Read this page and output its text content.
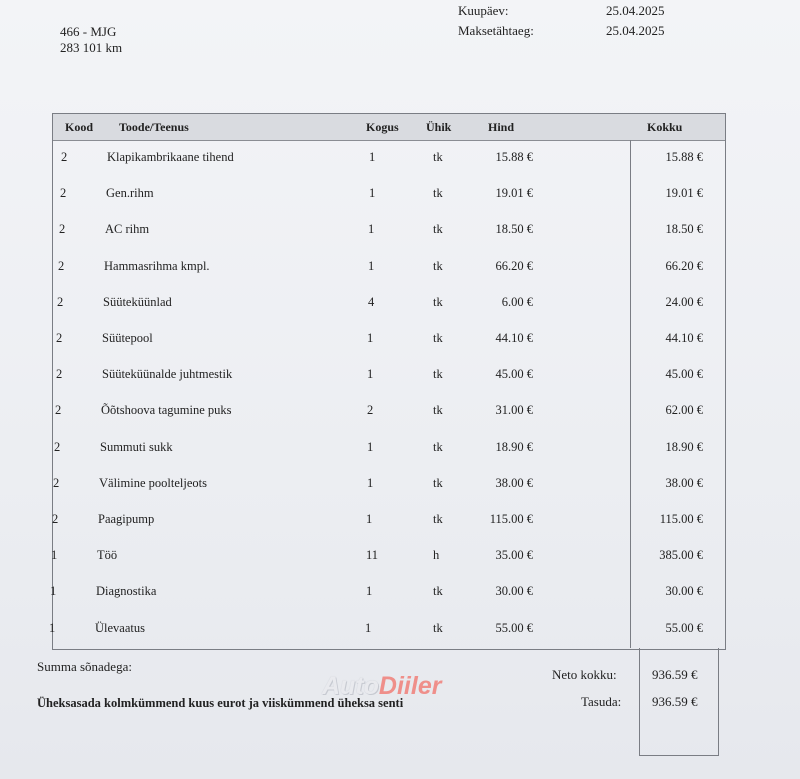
466 - MJG
283 101 km
Kuupäev:	25.04.2025
Maksetähtaeg:	25.04.2025
Kood Toode/Teenus	Kogus Ühik	Hind	Kokku
2	Klapikambrikaane tihend	1	tk	15.88 €	15.88 €
2	Gen.rihm	1	tk	19.01 €	19.01 €
2	AC rihm	1	tk	18.50 €	18.50 €
2	Hammasrihma kmpl.	1	tk	66.20 €	66.20 €
2	Süüteküünlad	4	tk	6.00 €	24.00 €
2	Süütepool	1	tk	44.10 €	44.10 €
2	Süüteküünalde juhtmestik	1	tk	45.00 €	45.00 €
2	Õõtshoova tagumine puks	2	tk	31.00 €	62.00 €
2	Summuti sukk	1	tk	18.90 €	18.90 €
2	Välimine poolteljeots	1	tk	38.00 €	38.00 €
2	Paagipump	1	tk	115.00 €	115.00 €
1	Töö	11	h	35.00 €	385.00 €
1	Diagnostika	1	tk	30.00 €	30.00 €
1	Ülevaatus	1	tk	55.00 €	55.00 €
Summa sõnadega:
Üheksasada kolmkümmend kuus eurot ja viiskümmend üheksa senti
Neto kokku:	936.59 €
Tasuda: 936.59 €
AutoDiiler
